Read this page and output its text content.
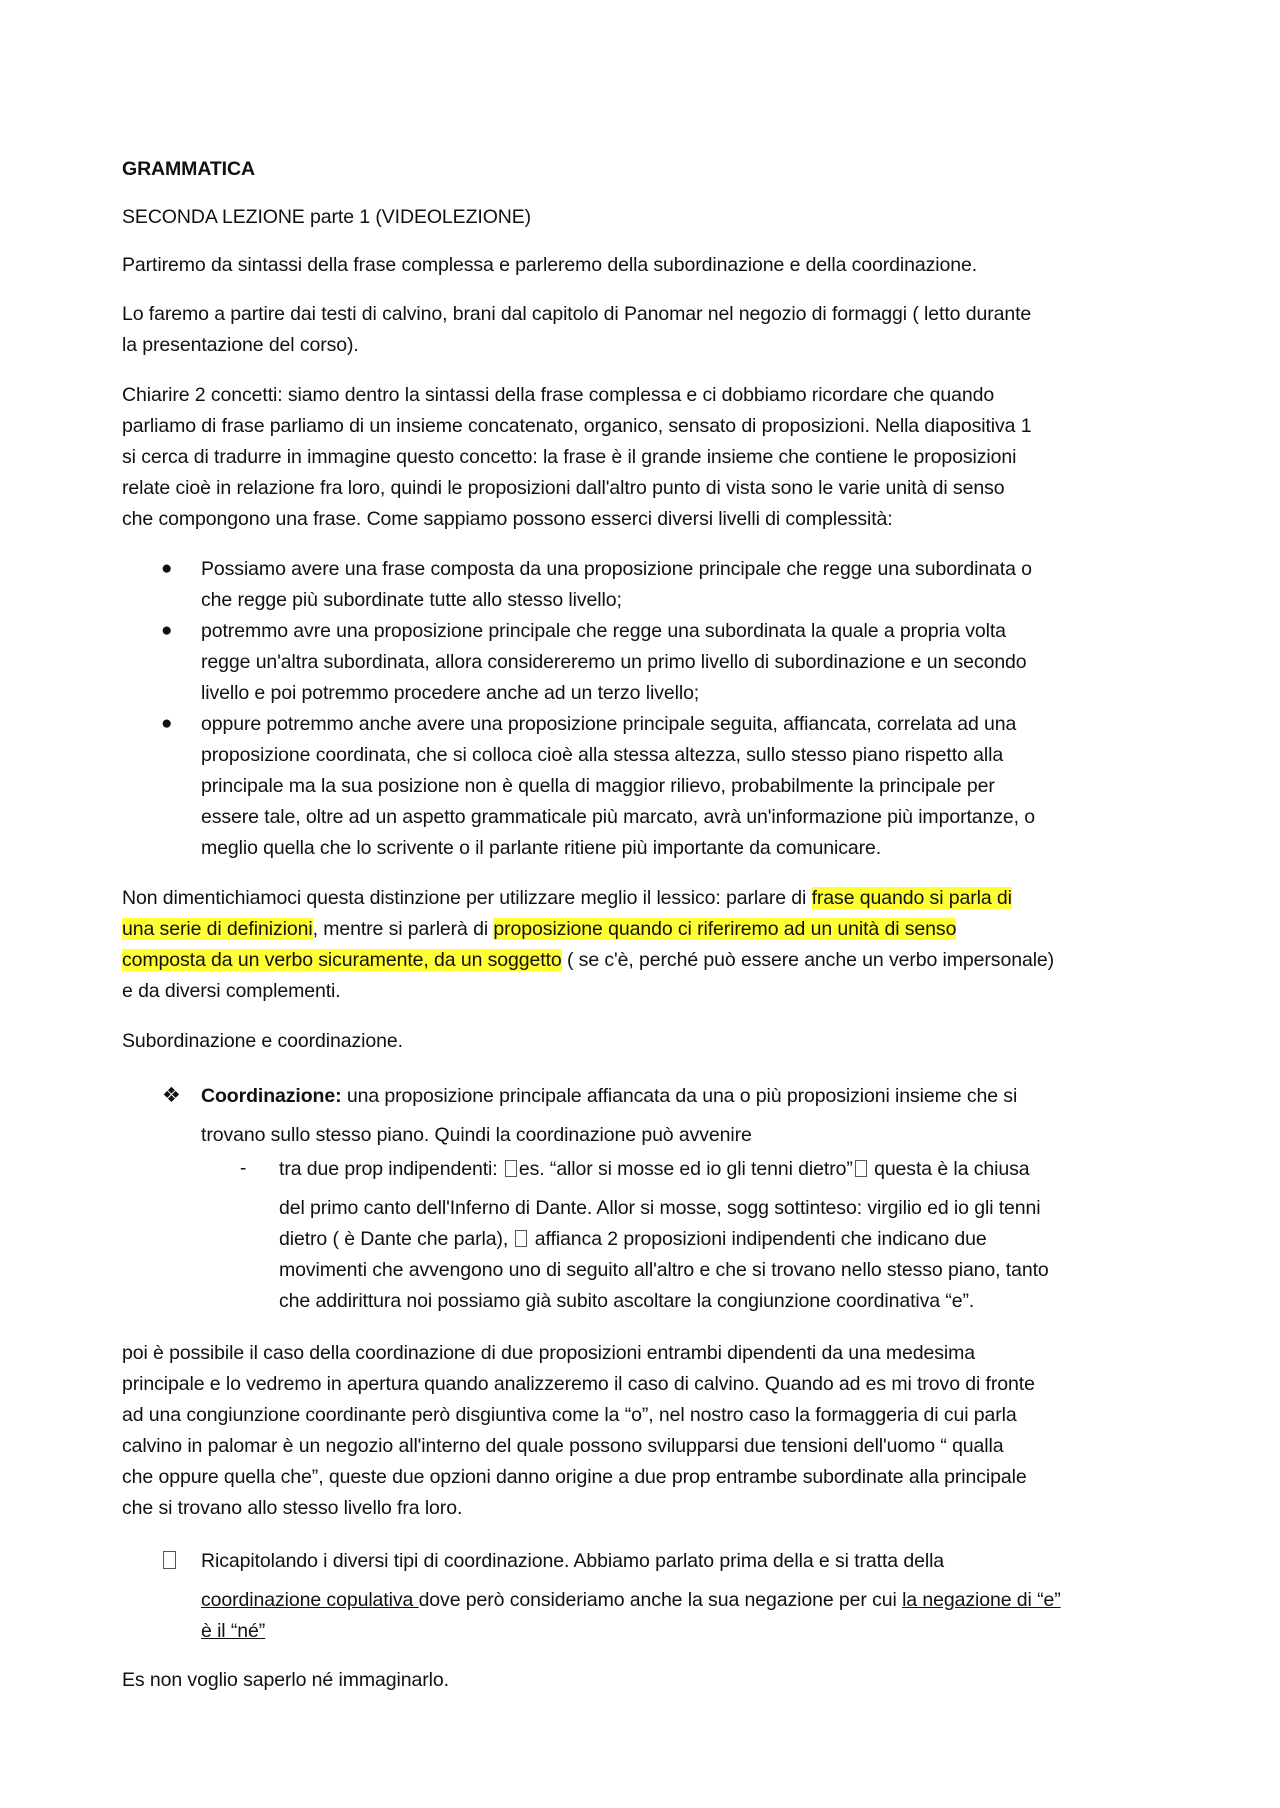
GRAMMATICA
SECONDA LEZIONE parte 1 (VIDEOLEZIONE)
Partiremo da sintassi della frase complessa e parleremo della subordinazione e della coordinazione.
Lo faremo a partire dai testi di calvino, brani dal capitolo di Panomar nel negozio di formaggi ( letto durante
la presentazione del corso).
Chiarire 2 concetti: siamo dentro la sintassi della frase complessa e ci dobbiamo ricordare che quando
parliamo di frase parliamo di un insieme concatenato, organico, sensato di proposizioni. Nella diapositiva 1
si cerca di tradurre in immagine questo concetto: la frase è il grande insieme che contiene le proposizioni
relate cioè in relazione fra loro, quindi le proposizioni dall'altro punto di vista sono le varie unità di senso
che compongono una frase. Come sappiamo possono esserci diversi livelli di complessità:
● Possiamo avere una frase composta da una proposizione principale che regge una subordinata o
che regge più subordinate tutte allo stesso livello;
● potremmo avre una proposizione principale che regge una subordinata la quale a propria volta
regge un'altra subordinata, allora considereremo un primo livello di subordinazione e un secondo
livello e poi potremmo procedere anche ad un terzo livello;
● oppure potremmo anche avere una proposizione principale seguita, affiancata, correlata ad una
proposizione coordinata, che si colloca cioè alla stessa altezza, sullo stesso piano rispetto alla
principale ma la sua posizione non è quella di maggior rilievo, probabilmente la principale per
essere tale, oltre ad un aspetto grammaticale più marcato, avrà un'informazione più importanze, o
meglio quella che lo scrivente o il parlante ritiene più importante da comunicare.
Non dimentichiamoci questa distinzione per utilizzare meglio il lessico: parlare di frase quando si parla di
una serie di definizioni, mentre si parlerà di proposizione quando ci riferiremo ad un unità di senso
composta da un verbo sicuramente, da un soggetto ( se c'è, perché può essere anche un verbo impersonale)
e da diversi complementi.
Subordinazione e coordinazione.
❖ Coordinazione: una proposizione principale affiancata da una o più proposizioni insieme che si
trovano sullo stesso piano. Quindi la coordinazione può avvenire
- tra due prop indipendenti: es. “allor si mosse ed io gli tenni dietro” questa è la chiusa
del primo canto dell'Inferno di Dante. Allor si mosse, sogg sottinteso: virgilio ed io gli tenni
dietro ( è Dante che parla),  affianca 2 proposizioni indipendenti che indicano due
movimenti che avvengono uno di seguito all'altro e che si trovano nello stesso piano, tanto
che addirittura noi possiamo già subito ascoltare la congiunzione coordinativa “e”.
poi è possibile il caso della coordinazione di due proposizioni entrambi dipendenti da una medesima
principale e lo vedremo in apertura quando analizzeremo il caso di calvino. Quando ad es mi trovo di fronte
ad una congiunzione coordinante però disgiuntiva come la “o”, nel nostro caso la formaggeria di cui parla
calvino in palomar è un negozio all'interno del quale possono svilupparsi due tensioni dell'uomo “ qualla
che oppure quella che”, queste due opzioni danno origine a due prop entrambe subordinate alla principale
che si trovano allo stesso livello fra loro.
Ricapitolando i diversi tipi di coordinazione. Abbiamo parlato prima della e si tratta della
coordinazione copulativa dove però consideriamo anche la sua negazione per cui la negazione di “e”
è il “né”
Es non voglio saperlo né immaginarlo.
